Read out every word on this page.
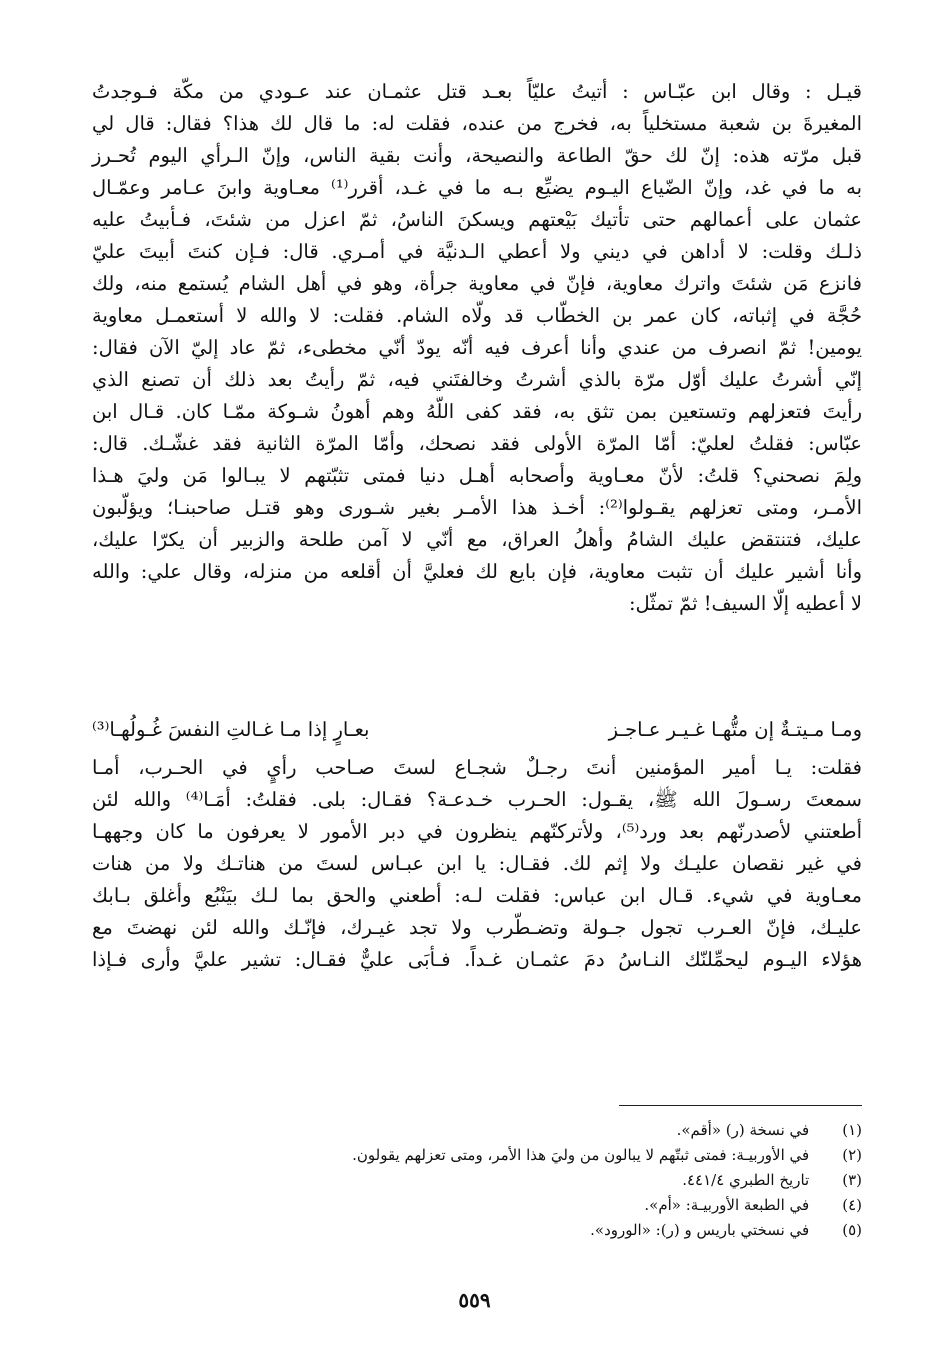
قيـل : وقال ابن عبّـاس : أتيتُ عليّاً بعـد قتل عثمـان عند عـودي من مكّة فـوجدتُ
المغيرةَ بن شعبة مستخلياً به، فخرج من عنده، فقلت له: ما قال لك هذا؟ فقال: قال لي
قبل مرّته هذه: إنّ لك حقّ الطاعة والنصيحة، وأنت بقية الناس، وإنّ الـرأي اليوم تُحـرز
به ما في غد، وإنّ الضّياع اليـوم يضيِّع بـه ما في غـد، أقرر⁽¹⁾ معـاوية وابنَ عـامر وعمّـال
عثمان على أعمالهم حتى تأتيك بَيْعتهم ويسكنَ الناسُ، ثمّ اعزل من شئتَ، فـأبيتُ عليه
ذلـك وقلت: لا أداهن في ديني ولا أعطي الـدنيَّة في أمـري. قال: فـإن كنتَ أبيتَ عليّ
فانزع مَن شئتَ واترك معاوية، فإنّ في معاوية جرأة، وهو في أهل الشام يُستمع منه، ولك
حُجَّة في إثباته، كان عمر بن الخطّاب قد ولّاه الشام. فقلت: لا والله لا أستعمـل معاوية
يومين! ثمّ انصرف من عندي وأنا أعرف فيه أنّه يودّ أنّي مخطىء، ثمّ عاد إليّ الآن فقال:
إنّي أشرتُ عليك أوّل مرّة بالذي أشرتُ وخالفتَني فيه، ثمّ رأيتُ بعد ذلك أن تصنع الذي
رأيتَ فتعزلهم وتستعين بمن تثق به، فقد كفى اللّهُ وهم أهونُ شـوكة ممّـا كان. قـال ابن
عبّاس: فقلتُ لعليّ: أمّا المرّة الأولى فقد نصحك، وأمّا المرّة الثانية فقد غشّـك. قال:
ولِمَ نصحني؟ قلتُ: لأنّ معـاوية وأصحابه أهـل دنيا فمتى تثبّتهم لا يبـالوا مَن وليَ هـذا
الأمـر، ومتى تعزلهم يقـولوا⁽²⁾: أخـذ هذا الأمـر بغير شـورى وهو قتـل صاحبنـا؛ ويؤلّبون
عليك، فتنتقض عليك الشامُ وأهلُ العراق، مع أنّي لا آمن طلحة والزبير أن يكرّا عليك،
وأنا أشير عليك أن تثبت معاوية، فإن بايع لك فعليَّ أن أقلعه من منزله، وقال علي: والله
لا أعطيه إلّا السيف! ثمّ تمثّل:

ومـا مـيتـةٌ إن متُّهـا غـيـر عـاجـز
بعـارٍ إذا مـا غـالتِ النفسَ غُـولُهـا⁽³⁾

فقلت: يـا أمير المؤمنين أنتَ رجـلٌ شجـاع لستَ صـاحب رأيٍ في الحـرب، أمـا
سمعتَ رسـولَ الله ﷺ، يقـول: الحـرب خـدعـة؟ فقـال: بلى. فقلتُ: أمَـا⁽⁴⁾ والله لئن
أطعتني لأصدرنّهم بعد ورد⁽⁵⁾، ولأتركنّهم ينظرون في دبر الأمور لا يعرفون ما كان وجههـا
في غير نقصان عليـك ولا إثم لك. فقـال: يا ابن عبـاس لستَ من هناتـك ولا من هنات
معـاوية في شيء. قـال ابن عباس: فقلت لـه: أطعني والحق بما لـك بيَنْبُع وأغلق بـابك
عليـك، فإنّ العـرب تجول جـولة وتضـطّرب ولا تجد غيـرك، فإنّـك والله لئن نهضتَ مع
هؤلاء اليـوم ليحمِّلنّك النـاسُ دمَ عثمـان غـداً. فـأبَى عليٌّ فقـال: تشير عليَّ وأرى فـإذا

(١) في نسخة (ر) «أقم».
(٢) في الأوربيـة: فمتى ثبتّهم لا يبالون من وليَ هذا الأمر، ومتى تعزلهم يقولون.
(٣) تاريخ الطبري ٤٤١/٤.
(٤) في الطبعة الأوربيـة: «أم».
(٥) في نسختي باريس و (ر): «الورود».
٥٥٩
